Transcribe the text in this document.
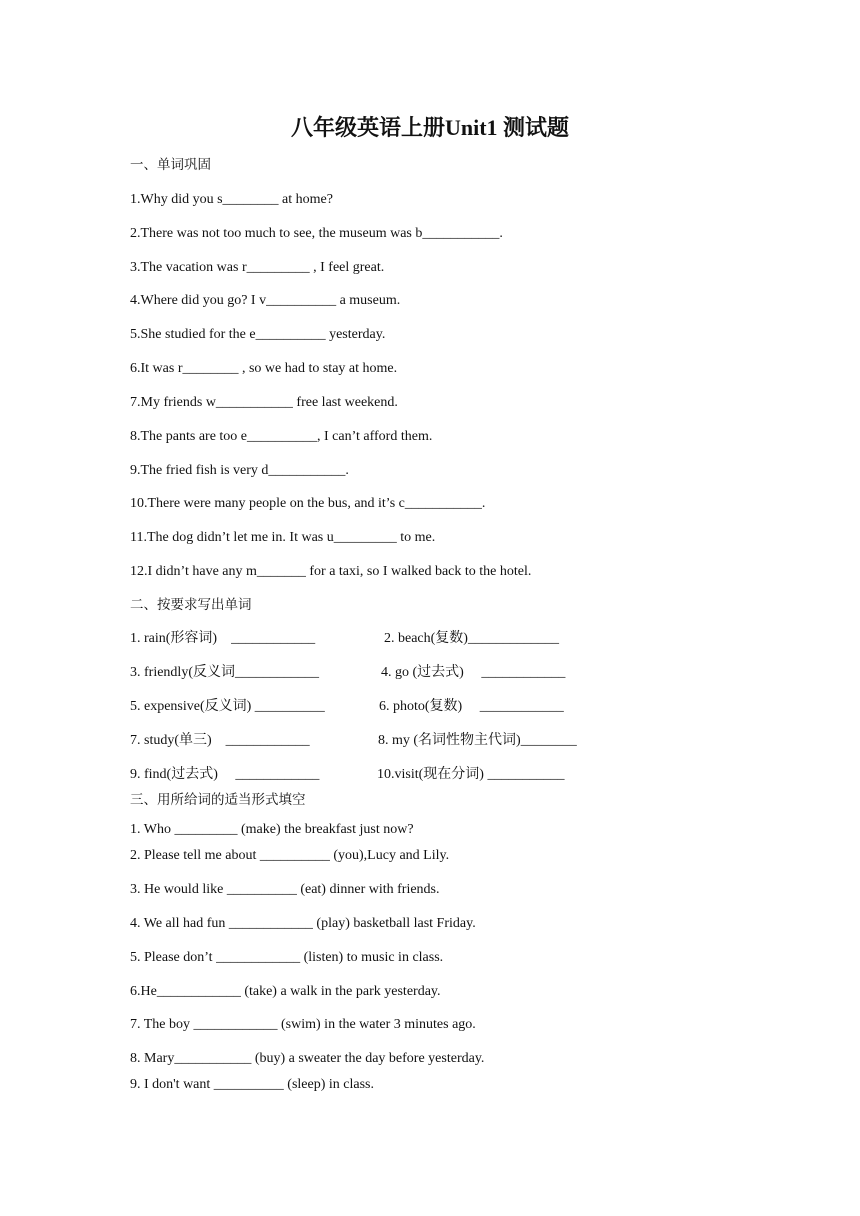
八年级英语上册Unit1 测试题
一、单词巩固
1.Why did you s________ at home?
2.There was not too much to see, the museum was b___________.
3.The vacation was r_________ , I feel great.
4.Where did you go? I v__________ a museum.
5.She studied for the e__________ yesterday.
6.It was r________ , so we had to stay at home.
7.My friends w___________ free last weekend.
8.The pants are too e__________, I can’t afford them.
9.The fried fish is very d___________.
10.There were many people on the bus, and it’s c___________.
11.The dog didn’t let me in. It was u_________ to me.
12.I didn’t have any m_______ for a taxi, so I walked back to the hotel.
二、按要求写出单词
1. rain(形容词)    ____________	2. beach(复数)_____________
3. friendly(反义词____________	4. go (过去式)     ____________
5. expensive(反义词) __________	6. photo(复数)     ____________
7. study(单三)    ____________	8. my (名词性物主代词)________
9. find(过去式)     ____________	10.visit(现在分词) ___________
三、用所给词的适当形式填空
1. Who _________ (make) the breakfast just now?
2. Please tell me about __________ (you),Lucy and Lily.
3. He would like __________ (eat) dinner with friends.
4. We all had fun ____________ (play) basketball last Friday.
5. Please don’t ____________ (listen) to music in class.
6.He____________ (take) a walk in the park yesterday.
7. The boy ____________ (swim) in the water 3 minutes ago.
8. Mary___________ (buy) a sweater the day before yesterday.
9. I don't want __________ (sleep) in class.
